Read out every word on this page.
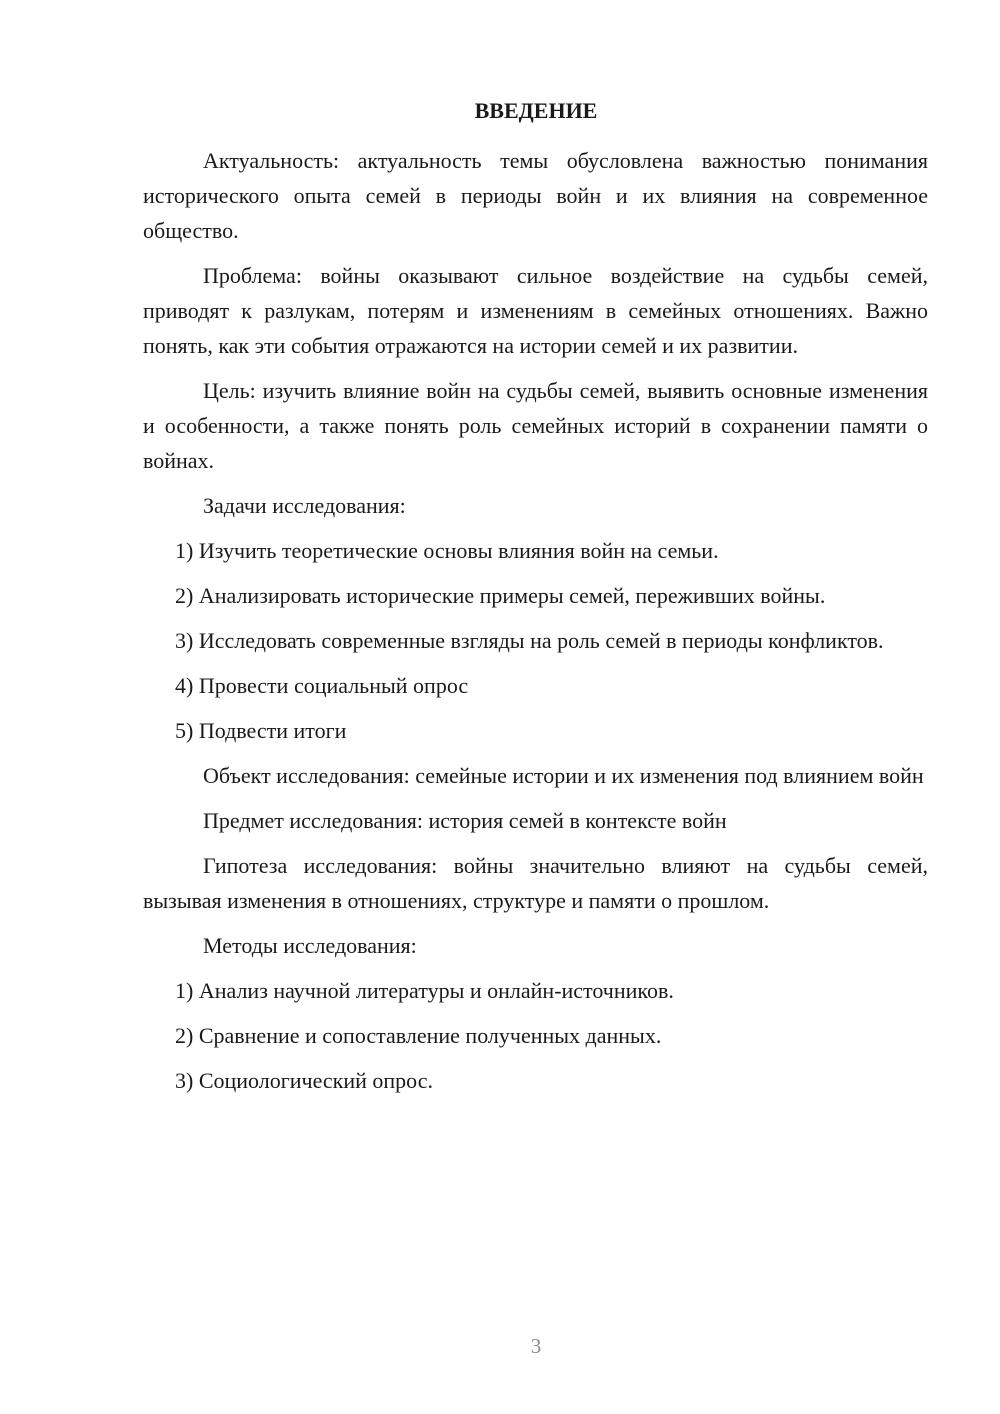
ВВЕДЕНИЕ

Актуальность: актуальность темы обусловлена важностью понимания исторического опыта семей в периоды войн и их влияния на современное общество.

Проблема: войны оказывают сильное воздействие на судьбы семей, приводят к разлукам, потерям и изменениям в семейных отношениях. Важно понять, как эти события отражаются на истории семей и их развитии.

Цель: изучить влияние войн на судьбы семей, выявить основные изменения и особенности, а также понять роль семейных историй в сохранении памяти о войнах.

Задачи исследования:

1) Изучить теоретические основы влияния войн на семьи.

2) Анализировать исторические примеры семей, переживших войны.

3) Исследовать современные взгляды на роль семей в периоды конфликтов.

4) Провести социальный опрос

5) Подвести итоги

Объект исследования: семейные истории и их изменения под влиянием войн

Предмет исследования: история семей в контексте войн

Гипотеза исследования: войны значительно влияют на судьбы семей, вызывая изменения в отношениях, структуре и памяти о прошлом.

Методы исследования:

1) Анализ научной литературы и онлайн-источников.

2) Сравнение и сопоставление полученных данных.

3) Социологический опрос.

3
